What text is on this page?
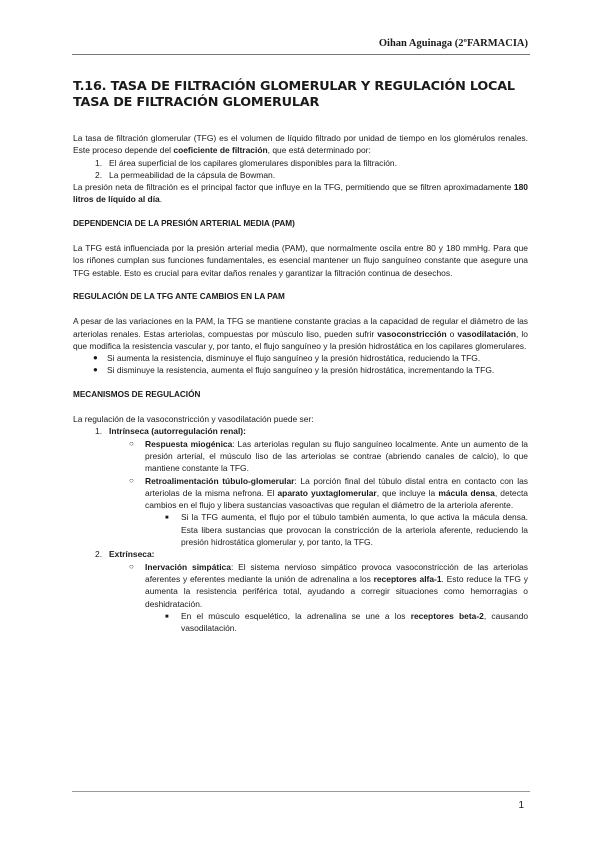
Oihan Aguinaga (2ºFARMACIA)
T.16. TASA DE FILTRACIÓN GLOMERULAR Y REGULACIÓN LOCAL
TASA DE FILTRACIÓN GLOMERULAR

La tasa de filtración glomerular (TFG) es el volumen de líquido filtrado por unidad de tiempo en los glomérulos renales. Este proceso depende del coeficiente de filtración, que está determinado por:

1. El área superficial de los capilares glomerulares disponibles para la filtración.
2. La permeabilidad de la cápsula de Bowman.

La presión neta de filtración es el principal factor que influye en la TFG, permitiendo que se filtren aproximadamente 180 litros de líquido al día.

DEPENDENCIA DE LA PRESIÓN ARTERIAL MEDIA (PAM)

La TFG está influenciada por la presión arterial media (PAM), que normalmente oscila entre 80 y 180 mmHg. Para que los riñones cumplan sus funciones fundamentales, es esencial mantener un flujo sanguíneo constante que asegure una TFG estable. Esto es crucial para evitar daños renales y garantizar la filtración continua de desechos.

REGULACIÓN DE LA TFG ANTE CAMBIOS EN LA PAM

A pesar de las variaciones en la PAM, la TFG se mantiene constante gracias a la capacidad de regular el diámetro de las arteriolas renales. Estas arteriolas, compuestas por músculo liso, pueden sufrir vasoconstricción o vasodilatación, lo que modifica la resistencia vascular y, por tanto, el flujo sanguíneo y la presión hidrostática en los capilares glomerulares.

● Si aumenta la resistencia, disminuye el flujo sanguíneo y la presión hidrostática, reduciendo la TFG.

● Si disminuye la resistencia, aumenta el flujo sanguíneo y la presión hidrostática, incrementando la TFG.

MECANISMOS DE REGULACIÓN

La regulación de la vasoconstricción y vasodilatación puede ser:

1. Intrínseca (autorregulación renal):
○ Respuesta miogénica: Las arteriolas regulan su flujo sanguíneo localmente. Ante un aumento de la presión arterial, el músculo liso de las arteriolas se contrae (abriendo canales de calcio), lo que mantiene constante la TFG.

○ Retroalimentación túbulo-glomerular: La porción final del túbulo distal entra en contacto con las arteriolas de la misma nefrona. El aparato yuxtaglomerular, que incluye la mácula densa, detecta cambios en el flujo y libera sustancias vasoactivas que regulan el diámetro de la arteriola aferente.

■ Si la TFG aumenta, el flujo por el túbulo también aumenta, lo que activa la mácula densa. Esta libera sustancias que provocan la constricción de la arteriola aferente, reduciendo la presión hidrostática glomerular y, por tanto, la TFG.

2. Extrínseca:
○ Inervación simpática: El sistema nervioso simpático provoca vasoconstricción de las arteriolas aferentes y eferentes mediante la unión de adrenalina a los receptores alfa-1. Esto reduce la TFG y aumenta la resistencia periférica total, ayudando a corregir situaciones como hemorragias o deshidratación.

■ En el músculo esquelético, la adrenalina se une a los receptores beta-2, causando vasodilatación.

1
